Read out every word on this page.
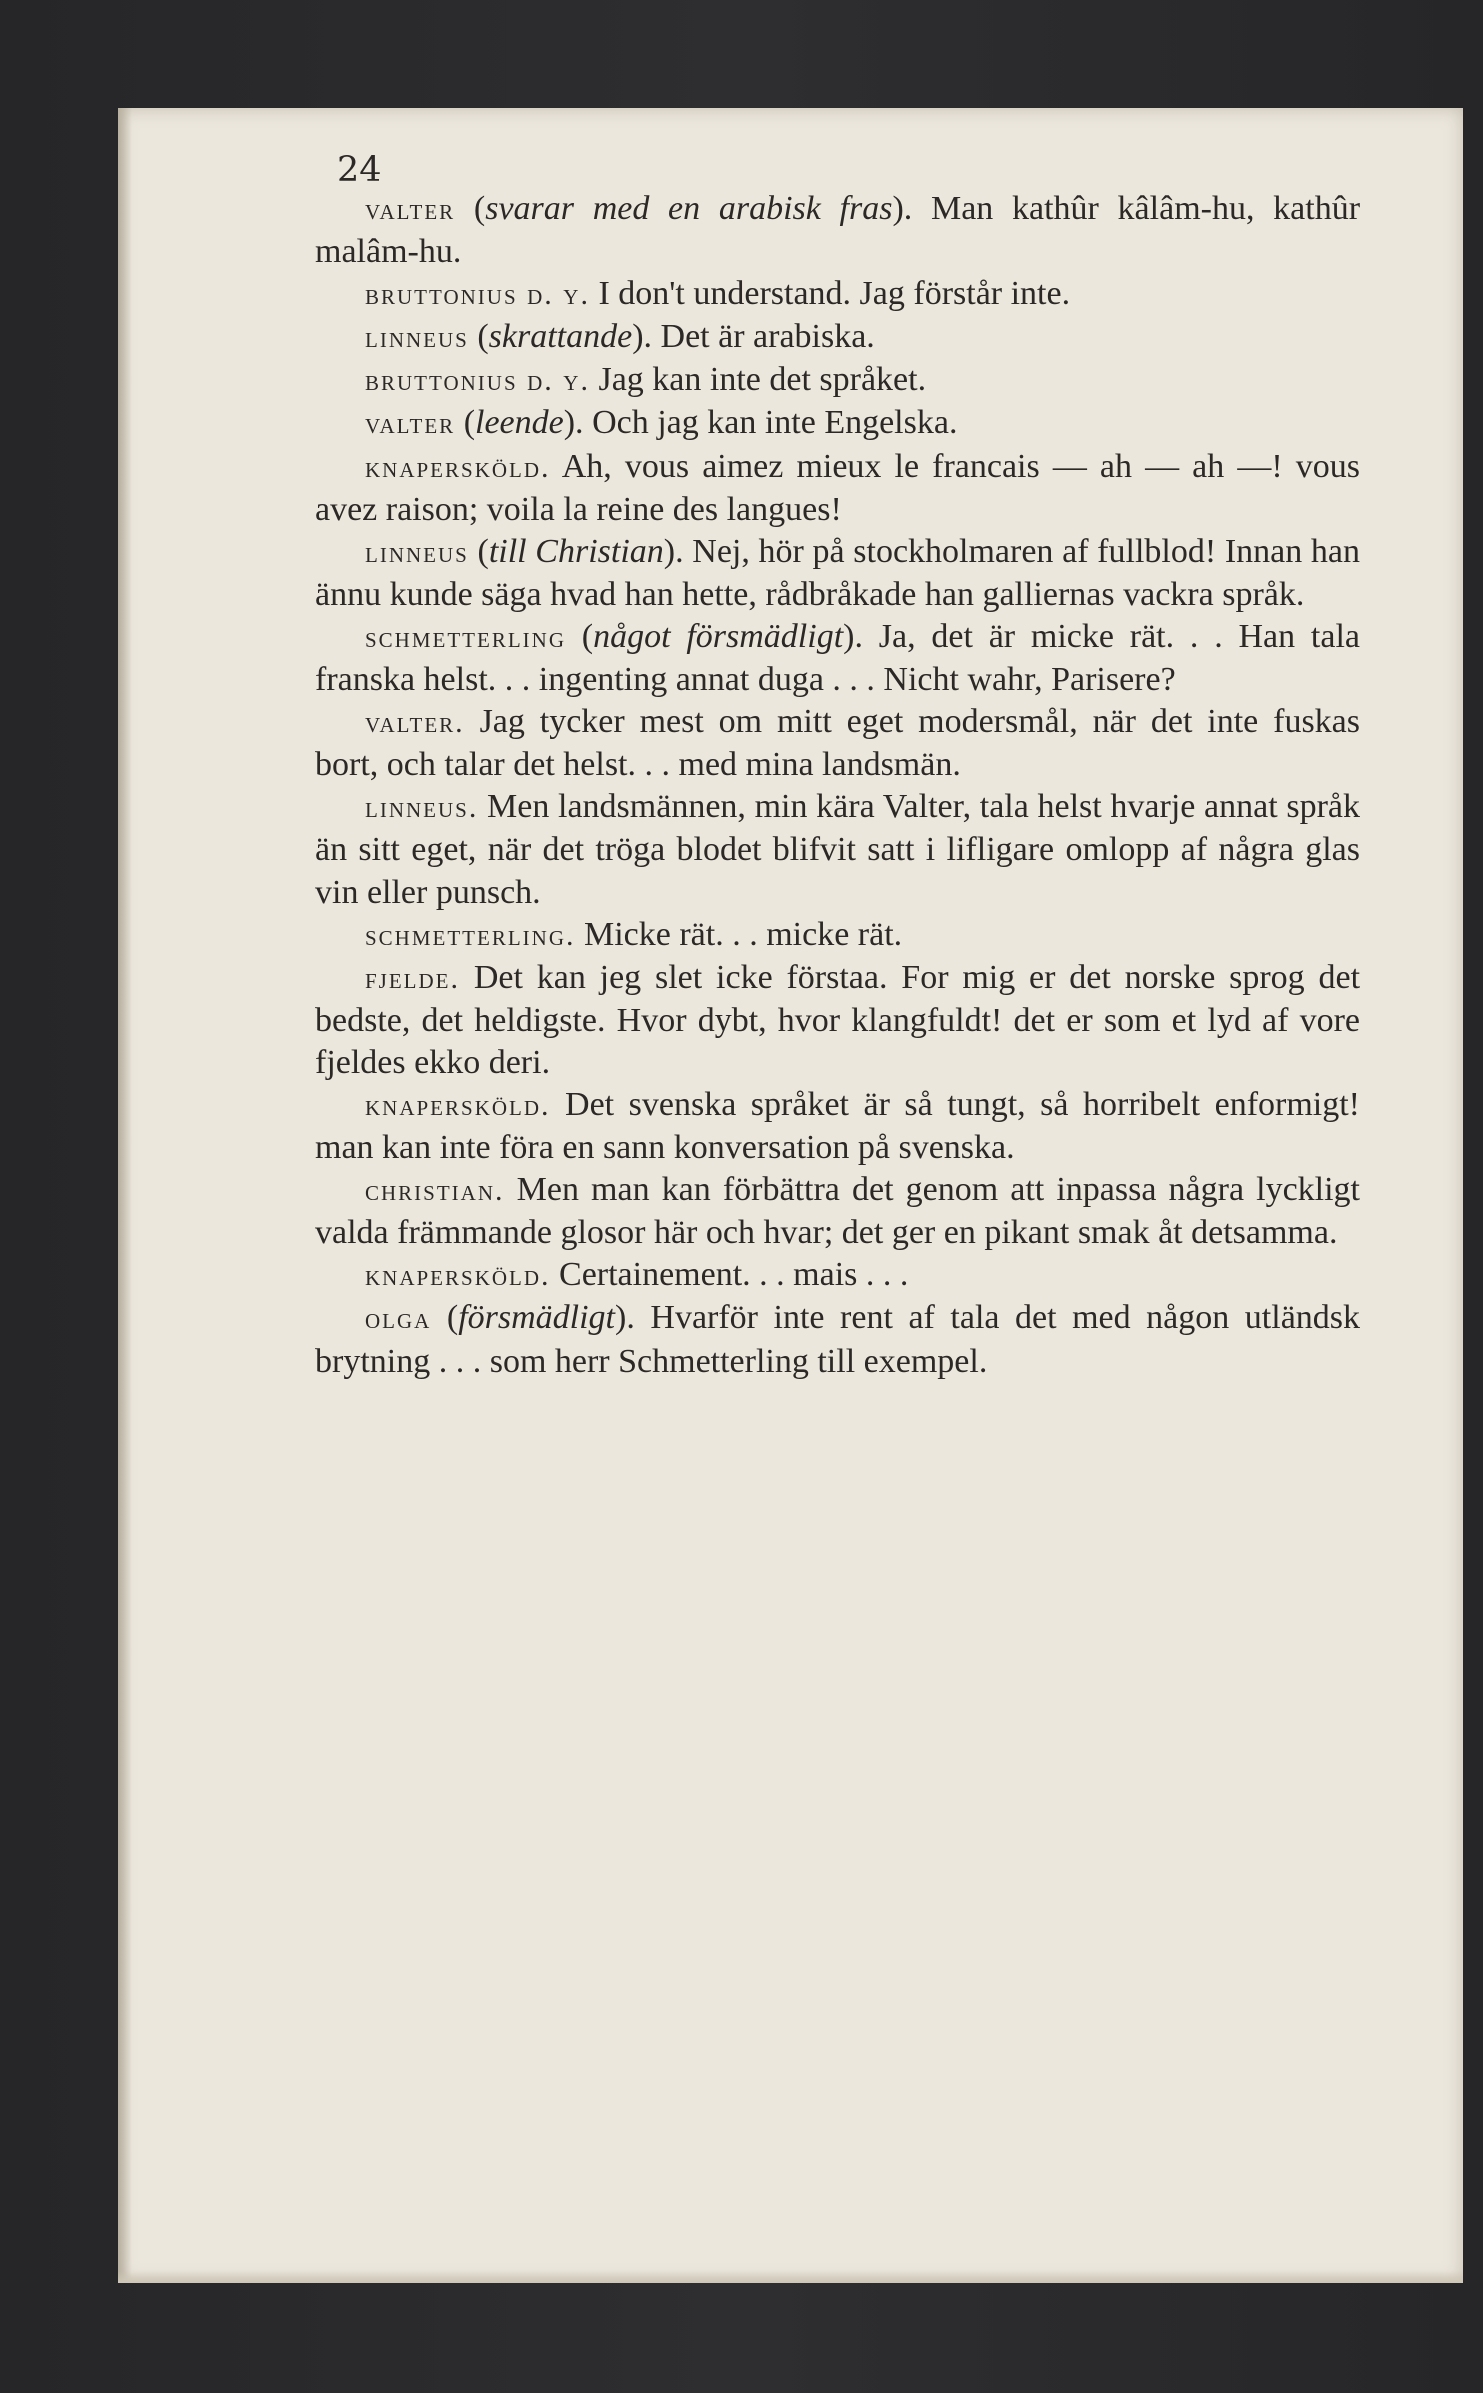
24

valter (svarar med en arabisk fras). Man kathûr kâlâm-hu, kathûr malâm-hu.

bruttonius d. y. I don't understand. Jag förstår inte.

linneus (skrattande). Det är arabiska.

bruttonius d. y. Jag kan inte det språket.

valter (leende). Och jag kan inte Engelska.

knapersköld. Ah, vous aimez mieux le francais — ah — ah —! vous avez raison; voila la reine des langues!

linneus (till Christian). Nej, hör på stockholmaren af fullblod! Innan han ännu kunde säga hvad han hette, rådbråkade han galliernas vackra språk.

schmetterling (något försmädligt). Ja, det är micke rät. . . Han tala franska helst. . . ingenting annat duga . . . Nicht wahr, Parisere?

valter. Jag tycker mest om mitt eget modersmål, när det inte fuskas bort, och talar det helst. . . med mina landsmän.

linneus. Men landsmännen, min kära Valter, tala helst hvarje annat språk än sitt eget, när det tröga blodet blifvit satt i lifligare omlopp af några glas vin eller punsch.

schmetterling. Micke rät. . . micke rät.

fjelde. Det kan jeg slet icke förstaa. For mig er det norske sprog det bedste, det heldigste. Hvor dybt, hvor klangfuldt! det er som et lyd af vore fjeldes ekko deri.

knapersköld. Det svenska språket är så tungt, så horribelt enformigt! man kan inte föra en sann konversation på svenska.

christian. Men man kan förbättra det genom att inpassa några lyckligt valda främmande glosor här och hvar; det ger en pikant smak åt detsamma.

knapersköld. Certainement. . . mais . . .

olga (försmädligt). Hvarför inte rent af tala det med någon utländsk brytning . . . som herr Schmetterling till exempel.
